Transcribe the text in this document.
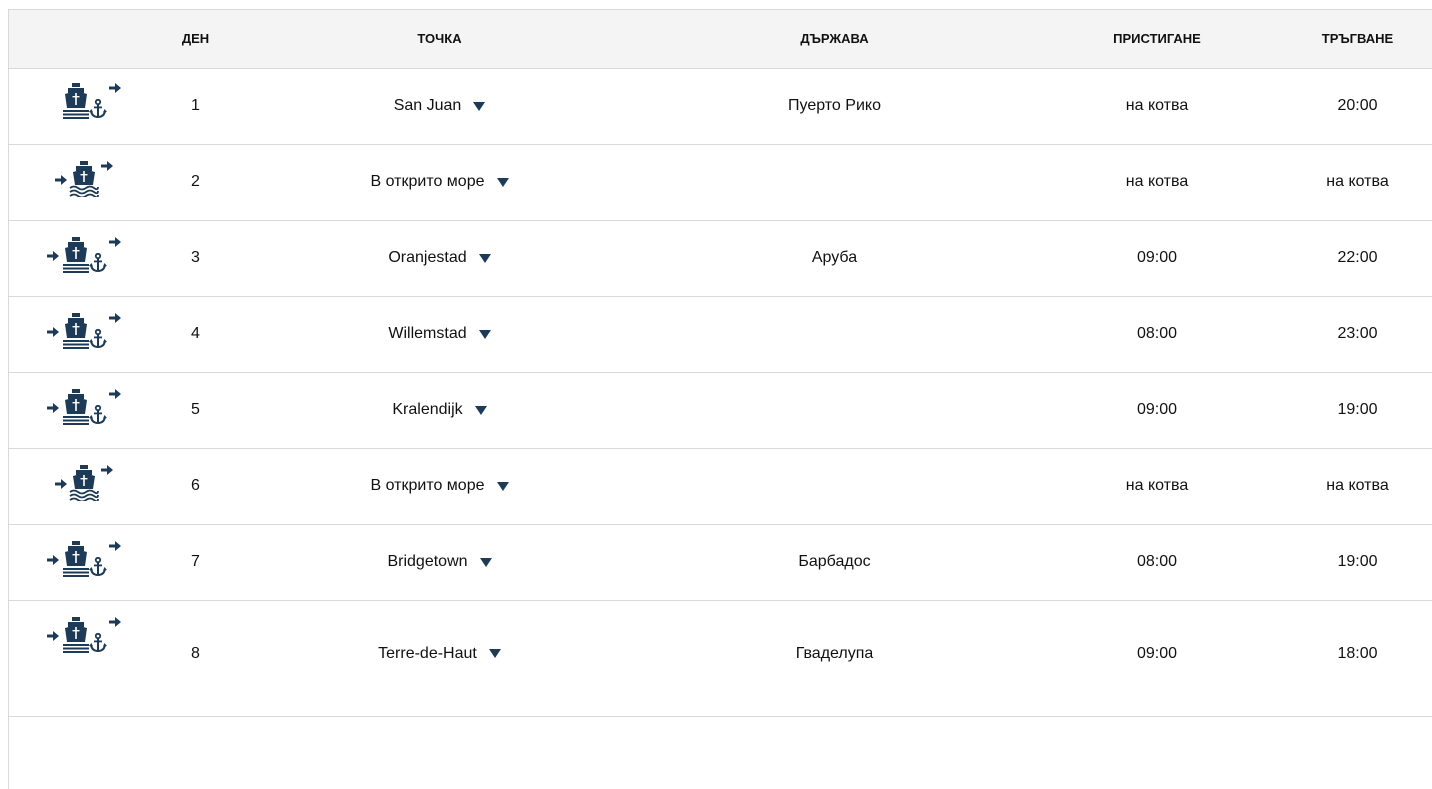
	ДЕН	ТОЧКА	ДЪРЖАВА	ПРИСТИГАНЕ	ТРЪГВАНЕ

	1	San Juan	Пуерто Рико	на котва	20:00

	2	В открито море		на котва	на котва

	3	Oranjestad	Аруба	09:00	22:00

	4	Willemstad		08:00	23:00

	5	Kralendijk		09:00	19:00

	6	В открито море		на котва	на котва

	7	Bridgetown	Барбадос	08:00	19:00

	8	Terre-de-Haut	Гваделупа	09:00	18:00
